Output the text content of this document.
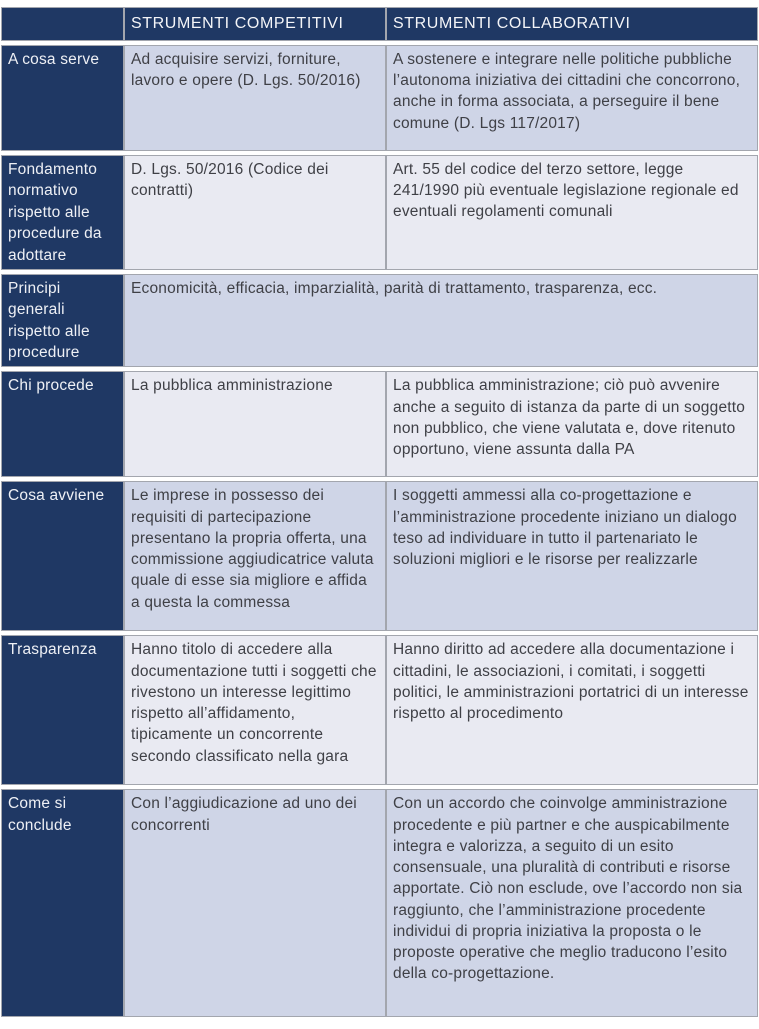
	STRUMENTI COMPETITIVI	STRUMENTI COLLABORATIVI
A cosa serve	Ad acquisire servizi, forniture, lavoro e opere (D. Lgs. 50/2016)	A sostenere e integrare nelle politiche pubbliche l’autonoma iniziativa dei cittadini che concorrono, anche in forma associata, a perseguire il bene comune (D. Lgs 117/2017)
Fondamento normativo rispetto alle procedure da adottare	D. Lgs. 50/2016 (Codice dei contratti)	Art. 55 del codice del terzo settore, legge 241/1990 più eventuale legislazione regionale ed eventuali regolamenti comunali
Principi generali rispetto alle procedure	Economicità, efficacia, imparzialità, parità di trattamento, trasparenza, ecc.	
Chi procede	La pubblica amministrazione	La pubblica amministrazione; ciò può avvenire anche a seguito di istanza da parte di un soggetto non pubblico, che viene valutata e, dove ritenuto opportuno, viene assunta dalla PA
Cosa avviene	Le imprese in possesso dei requisiti di partecipazione presentano la propria offerta, una commissione aggiudicatrice valuta quale di esse sia migliore e affida a questa la commessa	I soggetti ammessi alla co-progettazione e l’amministrazione procedente iniziano un dialogo teso ad individuare in tutto il partenariato le soluzioni migliori e le risorse per realizzarle
Trasparenza	Hanno titolo di accedere alla documentazione tutti i soggetti che rivestono un interesse legittimo rispetto all’affidamento, tipicamente un concorrente secondo classificato nella gara	Hanno diritto ad accedere alla documentazione i cittadini, le associazioni, i comitati, i soggetti politici, le amministrazioni portatrici di un interesse rispetto al procedimento
Come si conclude	Con l’aggiudicazione ad uno dei concorrenti	Con un accordo che coinvolge amministrazione procedente e più partner e che auspicabilmente integra e valorizza, a seguito di un esito consensuale, una pluralità di contributi e risorse apportate. Ciò non esclude, ove l’accordo non sia raggiunto, che l’amministrazione procedente individui di propria iniziativa la proposta o le proposte operative che meglio traducono l’esito della co-progettazione.
